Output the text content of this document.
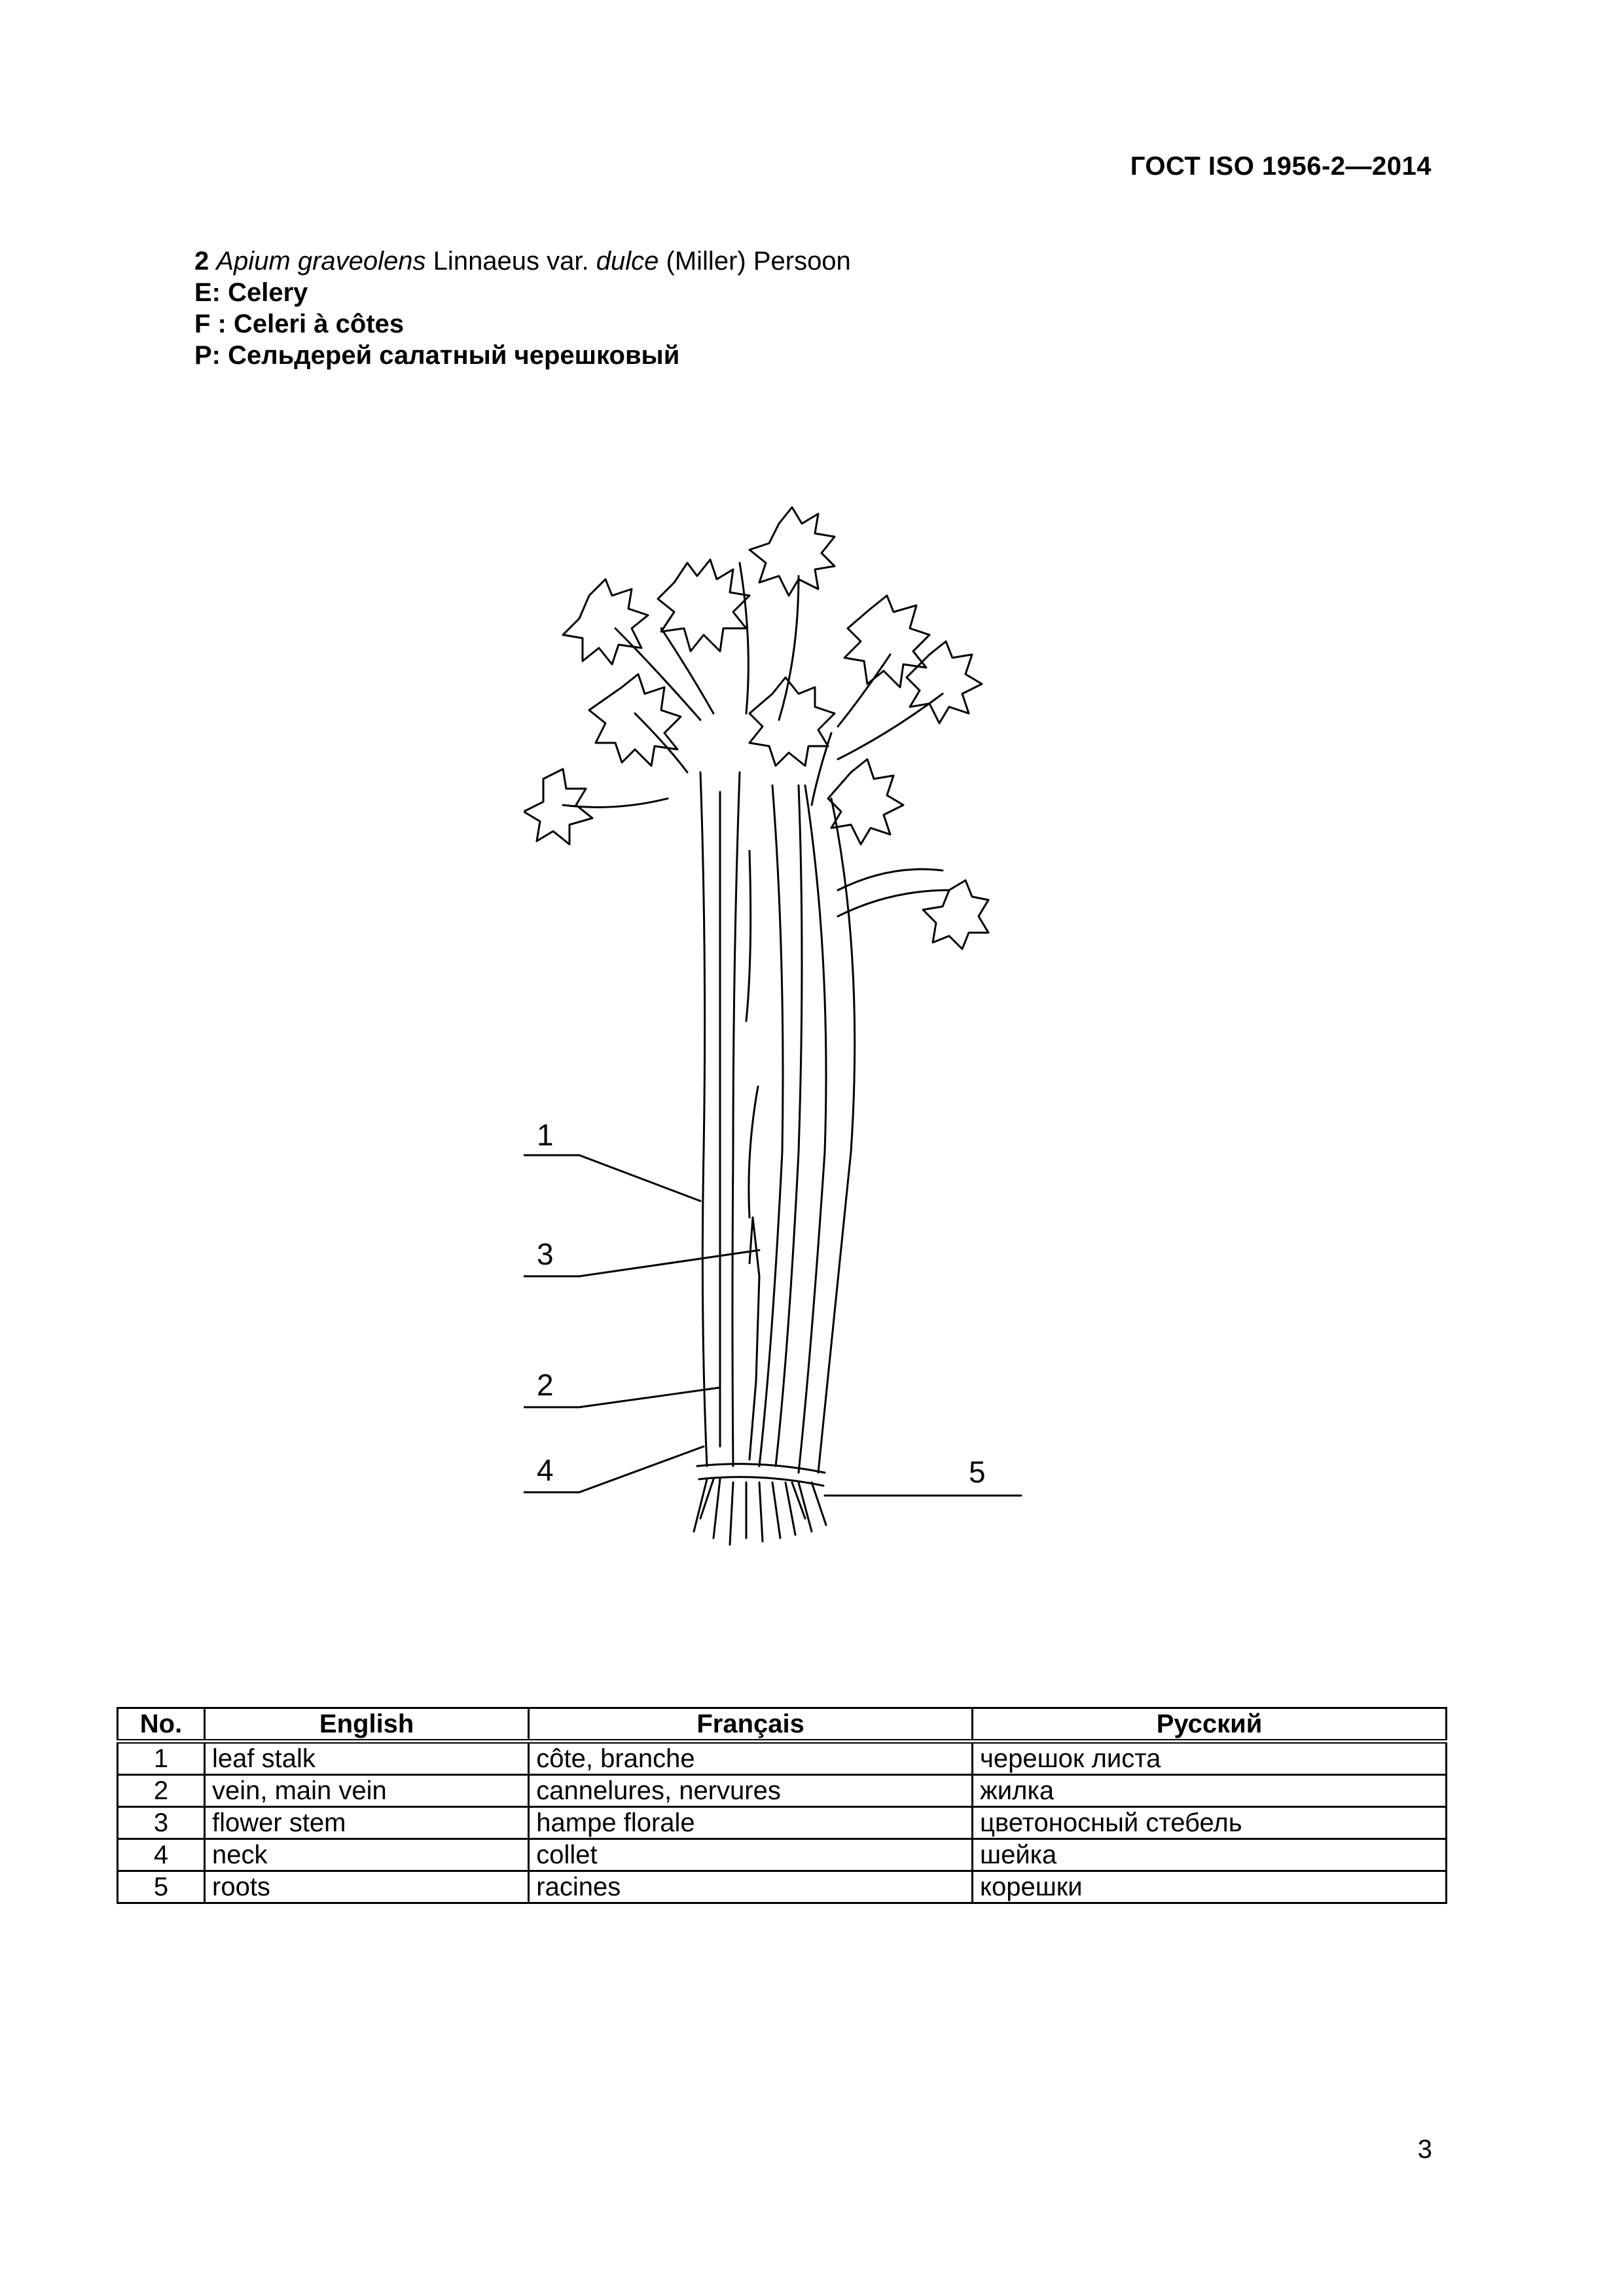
ГОСТ ISO 1956-2—2014
2 Apium graveolens Linnaeus var. dulce (Miller) Persoon
E: Celery
F : Celeri à côtes
P: Сельдерей салатный черешковый
1
3
2
4	5
No.	English	Français	Русский
1	leaf stalk	côte, branche	черешок листа
2	vein, main vein	cannelures, nervures	жилка
3	flower stem	hampe florale	цветоносный стебель
4	neck	collet	шейка
5	roots	racines	корешки
3
